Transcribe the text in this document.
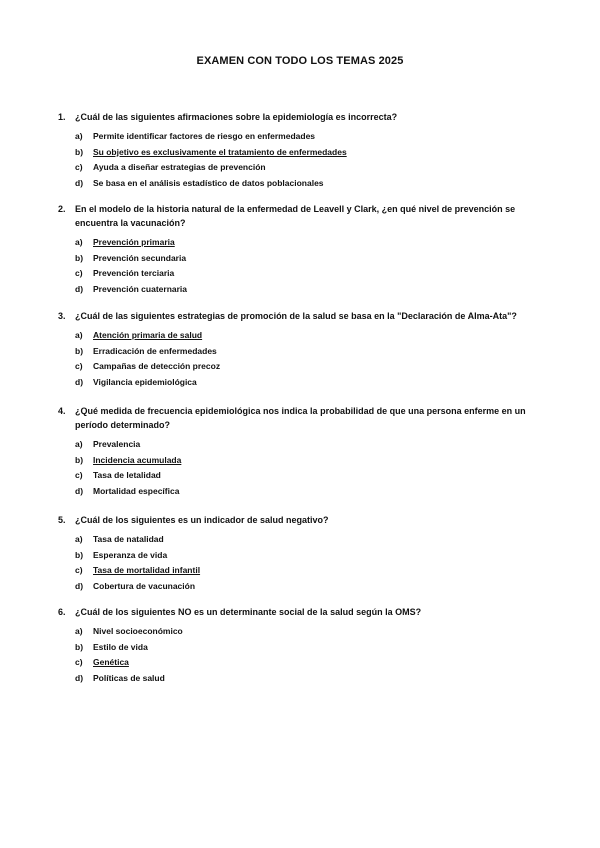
EXAMEN CON TODO LOS TEMAS 2025
1.	¿Cuál de las siguientes afirmaciones sobre la epidemiología es incorrecta?
a)	Permite identificar factores de riesgo en enfermedades
b)	Su objetivo es exclusivamente el tratamiento de enfermedades
c)	Ayuda a diseñar estrategias de prevención
d)	Se basa en el análisis estadístico de datos poblacionales
2.	En el modelo de la historia natural de la enfermedad de Leavell y Clark, ¿en qué nivel de prevención se encuentra la vacunación?
a)	Prevención primaria
b)	Prevención secundaria
c)	Prevención terciaria
d)	Prevención cuaternaria
3.	¿Cuál de las siguientes estrategias de promoción de la salud se basa en la "Declaración de Alma-Ata"?
a)	Atención primaria de salud
b)	Erradicación de enfermedades
c)	Campañas de detección precoz
d)	Vigilancia epidemiológica
4.	¿Qué medida de frecuencia epidemiológica nos indica la probabilidad de que una persona enferme en un período determinado?
a)	Prevalencia
b)	Incidencia acumulada
c)	Tasa de letalidad
d)	Mortalidad específica
5.	¿Cuál de los siguientes es un indicador de salud negativo?
a)	Tasa de natalidad
b)	Esperanza de vida
c)	Tasa de mortalidad infantil
d)	Cobertura de vacunación
6.	¿Cuál de los siguientes NO es un determinante social de la salud según la OMS?
a)	Nivel socioeconómico
b)	Estilo de vida
c)	Genética
d)	Políticas de salud
